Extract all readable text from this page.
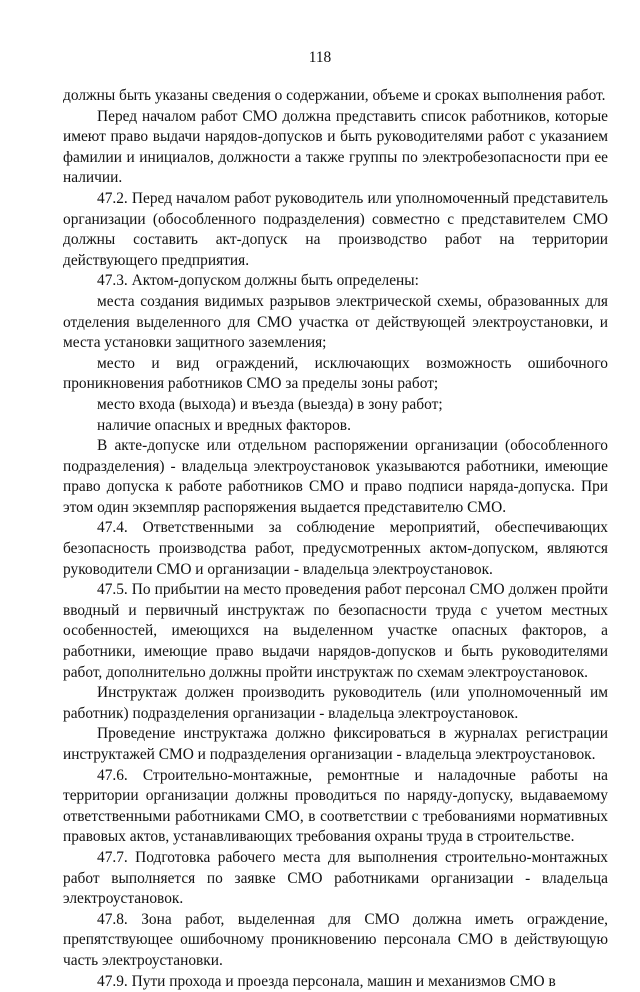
118

должны быть указаны сведения о содержании, объеме и сроках выполнения работ.

Перед началом работ СМО должна представить список работников, которые имеют право выдачи нарядов-допусков и быть руководителями работ с указанием фамилии и инициалов, должности а также группы по электробезопасности при ее наличии.

47.2. Перед началом работ руководитель или уполномоченный представитель организации (обособленного подразделения) совместно с представителем СМО должны составить акт-допуск на производство работ на территории действующего предприятия.

47.3. Актом-допуском должны быть определены:

места создания видимых разрывов электрической схемы, образованных для отделения выделенного для СМО участка от действующей электроустановки, и места установки защитного заземления;

место и вид ограждений, исключающих возможность ошибочного проникновения работников СМО за пределы зоны работ;

место входа (выхода) и въезда (выезда) в зону работ;

наличие опасных и вредных факторов.

В акте-допуске или отдельном распоряжении организации (обособленного подразделения) - владельца электроустановок указываются работники, имеющие право допуска к работе работников СМО и право подписи наряда-допуска. При этом один экземпляр распоряжения выдается представителю СМО.

47.4. Ответственными за соблюдение мероприятий, обеспечивающих безопасность производства работ, предусмотренных актом-допуском, являются руководители СМО и организации - владельца электроустановок.

47.5. По прибытии на место проведения работ персонал СМО должен пройти вводный и первичный инструктаж по безопасности труда с учетом местных особенностей, имеющихся на выделенном участке опасных факторов, а работники, имеющие право выдачи нарядов-допусков и быть руководителями работ, дополнительно должны пройти инструктаж по схемам электроустановок.

Инструктаж должен производить руководитель (или уполномоченный им работник) подразделения организации - владельца электроустановок.

Проведение инструктажа должно фиксироваться в журналах регистрации инструктажей СМО и подразделения организации - владельца электроустановок.

47.6. Строительно-монтажные, ремонтные и наладочные работы на территории организации должны проводиться по наряду-допуску, выдаваемому ответственными работниками СМО, в соответствии с требованиями нормативных правовых актов, устанавливающих требования охраны труда в строительстве.

47.7. Подготовка рабочего места для выполнения строительно-монтажных работ выполняется по заявке СМО работниками организации - владельца электроустановок.

47.8. Зона работ, выделенная для СМО должна иметь ограждение, препятствующее ошибочному проникновению персонала СМО в действующую часть электроустановки.

47.9. Пути прохода и проезда персонала, машин и механизмов СМО в
